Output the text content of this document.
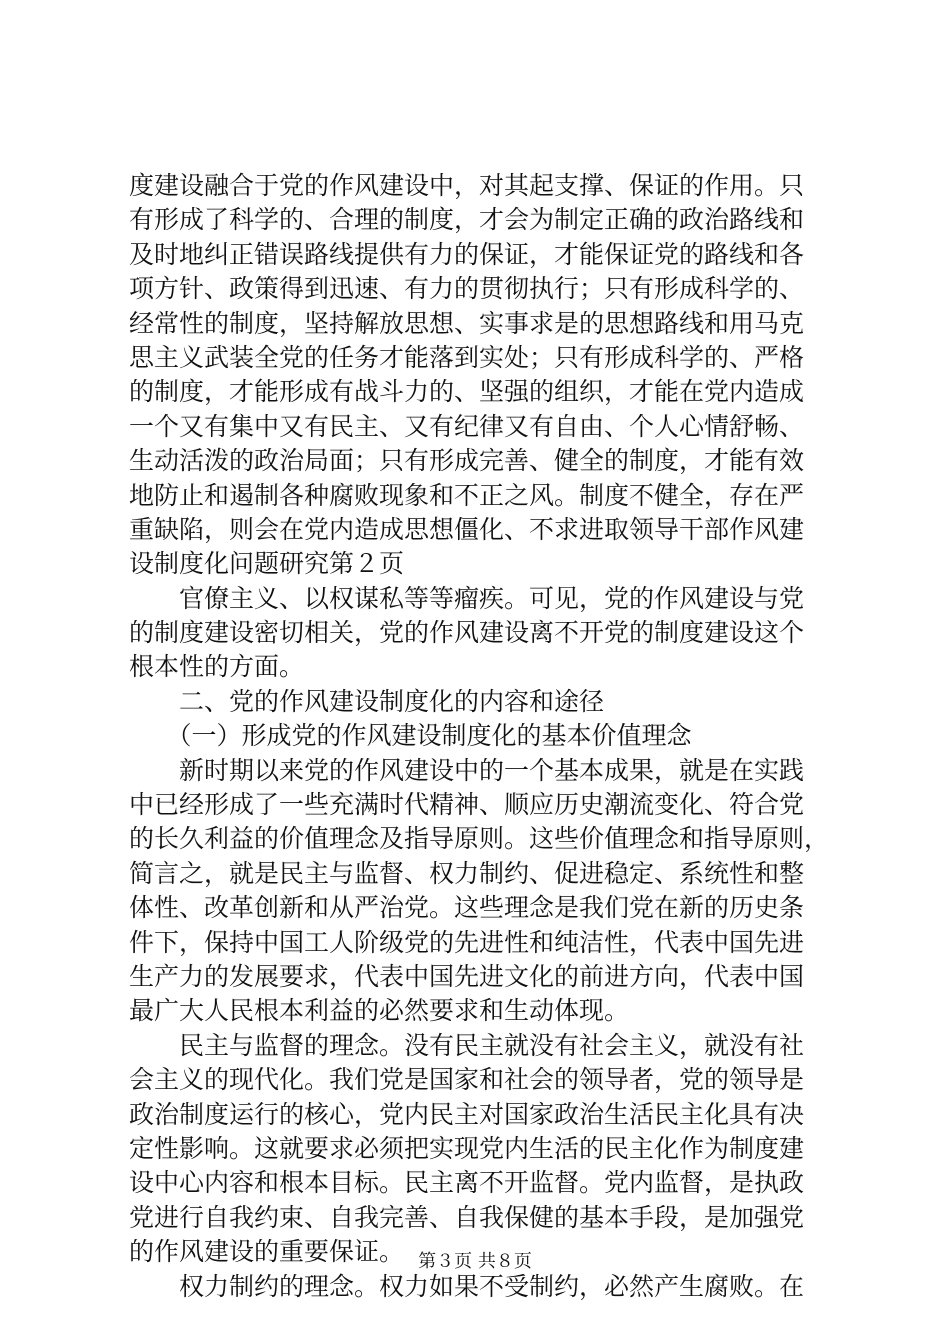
度建设融合于党的作风建设中，对其起支撑、保证的作用。只
有形成了科学的、合理的制度，才会为制定正确的政治路线和
及时地纠正错误路线提供有力的保证，才能保证党的路线和各
项方针、政策得到迅速、有力的贯彻执行；只有形成科学的、
经常性的制度，坚持解放思想、实事求是的思想路线和用马克
思主义武装全党的任务才能落到实处；只有形成科学的、严格
的制度，才能形成有战斗力的、坚强的组织，才能在党内造成
一个又有集中又有民主、又有纪律又有自由、个人心情舒畅、
生动活泼的政治局面；只有形成完善、健全的制度，才能有效
地防止和遏制各种腐败现象和不正之风。制度不健全，存在严
重缺陷，则会在党内造成思想僵化、不求进取领导干部作风建
设制度化问题研究第２页
　　官僚主义、以权谋私等等瘤疾。可见，党的作风建设与党
的制度建设密切相关，党的作风建设离不开党的制度建设这个
根本性的方面。
　　二、党的作风建设制度化的内容和途径
　　（一）形成党的作风建设制度化的基本价值理念
　　新时期以来党的作风建设中的一个基本成果，就是在实践
中已经形成了一些充满时代精神、顺应历史潮流变化、符合党
的长久利益的价值理念及指导原则。这些价值理念和指导原则，
简言之，就是民主与监督、权力制约、促进稳定、系统性和整
体性、改革创新和从严治党。这些理念是我们党在新的历史条
件下，保持中国工人阶级党的先进性和纯洁性，代表中国先进
生产力的发展要求，代表中国先进文化的前进方向，代表中国
最广大人民根本利益的必然要求和生动体现。
　　民主与监督的理念。没有民主就没有社会主义，就没有社
会主义的现代化。我们党是国家和社会的领导者，党的领导是
政治制度运行的核心，党内民主对国家政治生活民主化具有决
定性影响。这就要求必须把实现党内生活的民主化作为制度建
设中心内容和根本目标。民主离不开监督。党内监督，是执政
党进行自我约束、自我完善、自我保健的基本手段，是加强党
的作风建设的重要保证。
　　权力制约的理念。权力如果不受制约，必然产生腐败。在
第３页 共８页
